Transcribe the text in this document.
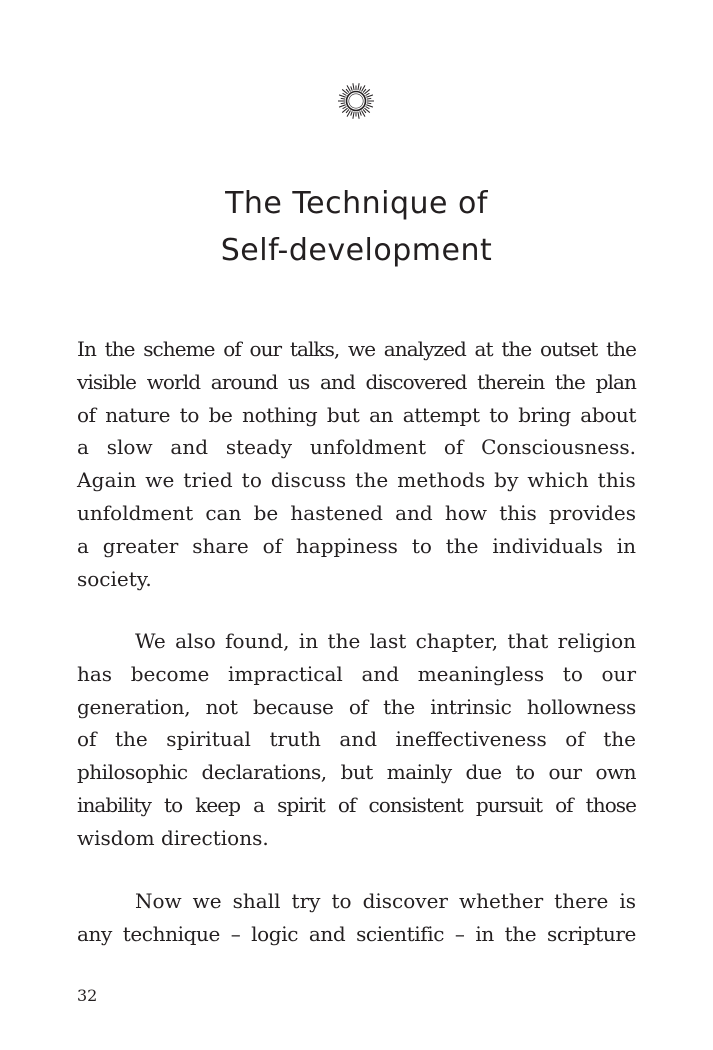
The Technique of
Self-development
In the scheme of our talks, we analyzed at the outset the
visible world around us and discovered therein the plan
of nature to be nothing but an attempt to bring about
a slow and steady unfoldment of Consciousness.
Again we tried to discuss the methods by which this
unfoldment can be hastened and how this provides
a greater share of happiness to the individuals in
society.
We also found, in the last chapter, that religion
has become impractical and meaningless to our
generation, not because of the intrinsic hollowness
of the spiritual truth and ineffectiveness of the
philosophic declarations, but mainly due to our own
inability to keep a spirit of consistent pursuit of those
wisdom directions.
Now we shall try to discover whether there is
any technique – logic and scientific – in the scripture
32
